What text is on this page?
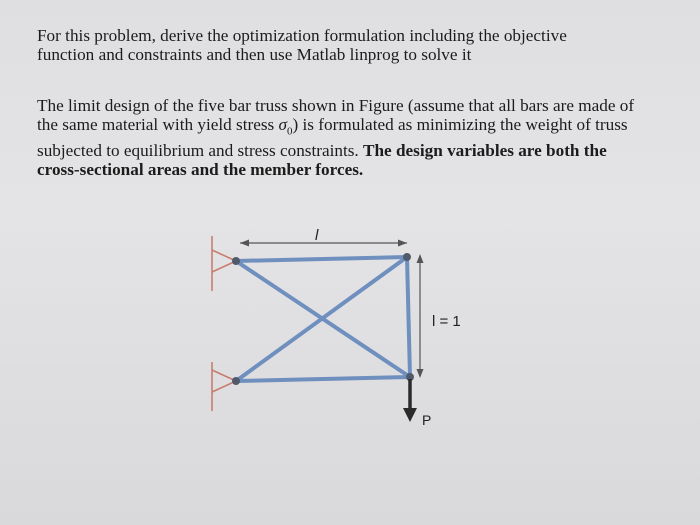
For this problem, derive the optimization formulation including the objective
function and constraints and then use Matlab linprog to solve it

The limit design of the five bar truss shown in Figure (assume that all bars are made of
the same material with yield stress $\sigma_0$) is formulated as minimizing the weight of truss
subjected to equilibrium and stress constraints. The design variables are both the
cross-sectional areas and the member forces.

l
l = 1
P
